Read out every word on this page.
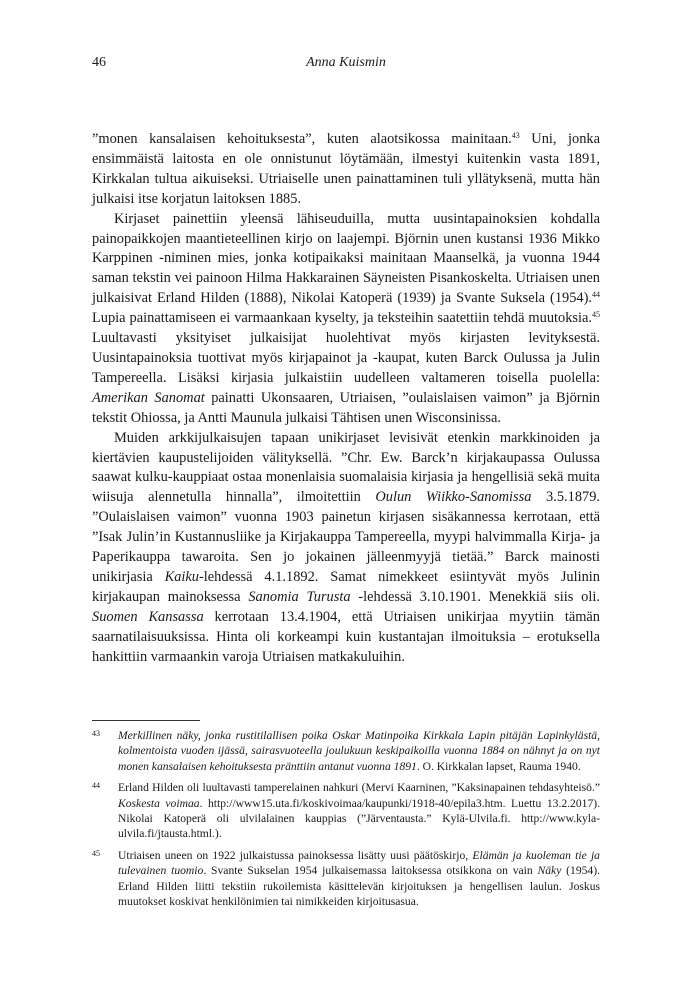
46	Anna Kuismin

”monen kansalaisen kehoituksesta”, kuten alaotsikossa mainitaan.$^{43}$ Uni, jonka ensimmäistä laitosta en ole onnistunut löytämään, ilmestyi kuitenkin vasta 1891, Kirkkalan tultua aikuiseksi. Utriaiselle unen painattaminen tuli yllätyksenä, mutta hän julkaisi itse korjatun laitoksen 1885.

Kirjaset painettiin yleensä lähiseuduilla, mutta uusintapainoksien kohdalla painopaikkojen maantieteellinen kirjo on laajempi. Björnin unen kustansi 1936 Mikko Karppinen -niminen mies, jonka kotipaikaksi mainitaan Maanselkä, ja vuonna 1944 saman tekstin vei painoon Hilma Hakkarainen Säyneisten Pisankoskelta. Utriaisen unen julkaisivat Erland Hilden (1888), Nikolai Katoperä (1939) ja Svante Suksela (1954).$^{44}$ Lupia painattamiseen ei varmaankaan kyselty, ja teksteihin saatettiin tehdä muutoksia.$^{45}$ Luultavasti yksityiset julkaisijat huolehtivat myös kirjasten levityksestä. Uusintapainoksia tuottivat myös kirjapainot ja -kaupat, kuten Barck Oulussa ja Julin Tampereella. Lisäksi kirjasia julkaistiin uudelleen valtameren toisella puolella: Amerikan Sanomat painatti Ukonsaaren, Utriaisen, ”oulaislaisen vaimon” ja Björnin tekstit Ohiossa, ja Antti Maunula julkaisi Tähtisen unen Wisconsinissa.

Muiden arkkijulkaisujen tapaan unikirjaset levisivät etenkin markkinoiden ja kiertävien kaupustelijoiden välityksellä. ”Chr. Ew. Barck’n kirjakaupassa Oulussa saawat kulku-kauppiaat ostaa monenlaisia suomalaisia kirjasia ja hengellisiä sekä muita wiisuja alennetulla hinnalla”, ilmoitettiin Oulun Wiikko-Sanomissa 3.5.1879. ”Oulaislaisen vaimon” vuonna 1903 painetun kirjasen sisäkannessa kerrotaan, että ”Isak Julin’in Kustannusliike ja Kirjakauppa Tampereella, myypi halvimmalla Kirja- ja Paperikauppa tawaroita. Sen jo jokainen jälleenmyyjä tietää.” Barck mainosti unikirjasia Kaiku-lehdessä 4.1.1892. Samat nimekkeet esiintyvät myös Julinin kirjakaupan mainoksessa Sanomia Turusta -lehdessä 3.10.1901. Menekkiä siis oli. Suomen Kansassa kerrotaan 13.4.1904, että Utriaisen unikirjaa myytiin tämän saarnatilaisuuksissa. Hinta oli korkeampi kuin kustantajan ilmoituksia – erotuksella hankittiin varmaankin varoja Utriaisen matkakuluihin.

43 Merkillinen näky, jonka rustitilallisen poika Oskar Matinpoika Kirkkala Lapin pitäjän Lapinkylästä, kolmentoista vuoden ijässä, sairasvuoteella joulukuun keskipaikoilla vuonna 1884 on nähnyt ja on nyt monen kansalaisen kehoituksesta pränttiin antanut vuonna 1891. O. Kirkkalan lapset, Rauma 1940.
44 Erland Hilden oli luultavasti tamperelainen nahkuri (Mervi Kaarninen, ”Kaksinapainen tehdasyhteisö.” Koskesta voimaa. http://www15.uta.fi/koskivoimaa/kaupunki/1918-40/epila3.htm. Luettu 13.2.2017). Nikolai Katoperä oli ulvilalainen kauppias (”Järventausta.” Kylä-Ulvila.fi. http://www.kyla-ulvila.fi/jtausta.html.).
45 Utriaisen uneen on 1922 julkaistussa painoksessa lisätty uusi päätöskirjo, Elämän ja kuoleman tie ja tulevainen tuomio. Svante Sukselan 1954 julkaisemassa laitoksessa otsikkona on vain Näky (1954). Erland Hilden liitti tekstiin rukoilemista käsittelevän kirjoituksen ja hengellisen laulun. Joskus muutokset koskivat henkilönimien tai nimikkeiden kirjoitusasua.
